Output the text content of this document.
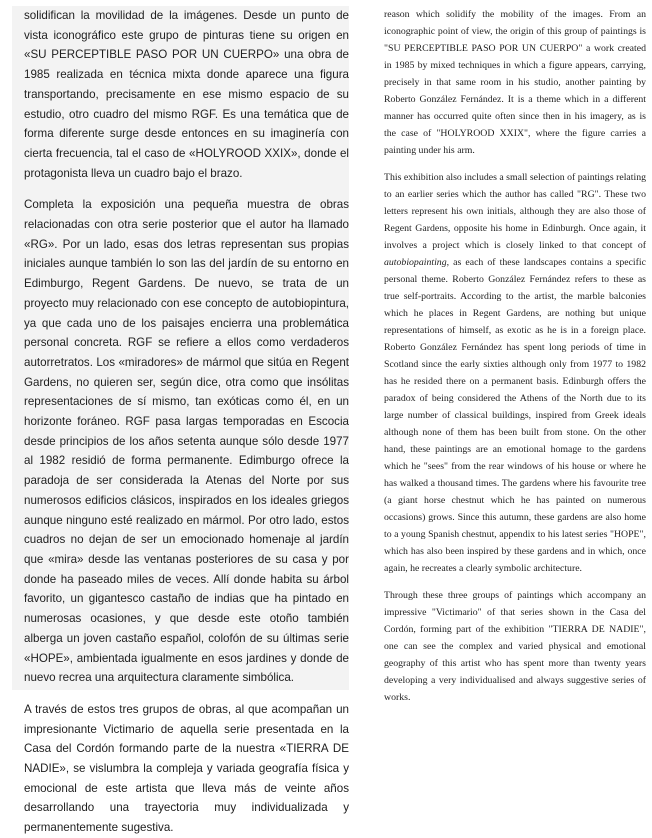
solidifican la movilidad de la imágenes. Desde un punto de vista iconográfico este grupo de pinturas tiene su origen en «SU PERCEPTIBLE PASO POR UN CUERPO» una obra de 1985 realizada en técnica mixta donde aparece una figura transportando, precisamente en ese mismo espacio de su estudio, otro cuadro del mismo RGF. Es una temática que de forma diferente surge desde entonces en su imaginería con cierta frecuencia, tal el caso de «HOLYROOD XXIX», donde el protagonista lleva un cuadro bajo el brazo.

Completa la exposición una pequeña muestra de obras relacionadas con otra serie posterior que el autor ha llamado «RG». Por un lado, esas dos letras representan sus propias iniciales aunque también lo son las del jardín de su entorno en Edimburgo, Regent Gardens. De nuevo, se trata de un proyecto muy relacionado con ese concepto de autobiopintura, ya que cada uno de los paisajes encierra una problemática personal concreta. RGF se refiere a ellos como verdaderos autorretratos. Los «miradores» de mármol que sitúa en Regent Gardens, no quieren ser, según dice, otra como que insólitas representaciones de sí mismo, tan exóticas como él, en un horizonte foráneo. RGF pasa largas temporadas en Escocia desde principios de los años setenta aunque sólo desde 1977 al 1982 residió de forma permanente. Edimburgo ofrece la paradoja de ser considerada la Atenas del Norte por sus numerosos edificios clásicos, inspirados en los ideales griegos aunque ninguno esté realizado en mármol. Por otro lado, estos cuadros no dejan de ser un emocionado homenaje al jardín que «mira» desde las ventanas posteriores de su casa y por donde ha paseado miles de veces. Allí donde habita su árbol favorito, un gigantesco castaño de indias que ha pintado en numerosas ocasiones, y que desde este otoño también alberga un joven castaño español, colofón de su últimas serie «HOPE», ambientada igualmente en esos jardines y donde de nuevo recrea una arquitectura claramente simbólica.

A través de estos tres grupos de obras, al que acompañan un impresionante Victimario de aquella serie presentada en la Casa del Cordón formando parte de la nuestra «TIERRA DE NADIE», se vislumbra la compleja y variada geografía física y emocional de este artista que lleva más de veinte años desarrollando una trayectoria muy individualizada y permanentemente sugestiva.

reason which solidify the mobility of the images. From an iconographic point of view, the origin of this group of paintings is "SU PERCEPTIBLE PASO POR UN CUERPO" a work created in 1985 by mixed techniques in which a figure appears, carrying, precisely in that same room in his studio, another painting by Roberto González Fernández. It is a theme which in a different manner has occurred quite often since then in his imagery, as is the case of "HOLYROOD XXIX", where the figure carries a painting under his arm.

This exhibition also includes a small selection of paintings relating to an earlier series which the author has called "RG". These two letters represent his own initials, although they are also those of Regent Gardens, opposite his home in Edinburgh. Once again, it involves a project which is closely linked to that concept of autobiopainting, as each of these landscapes contains a specific personal theme. Roberto González Fernández refers to these as true self-portraits. According to the artist, the marble balconies which he places in Regent Gardens, are nothing but unique representations of himself, as exotic as he is in a foreign place. Roberto González Fernández has spent long periods of time in Scotland since the early sixties although only from 1977 to 1982 has he resided there on a permanent basis. Edinburgh offers the paradox of being considered the Athens of the North due to its large number of classical buildings, inspired from Greek ideals although none of them has been built from stone. On the other hand, these paintings are an emotional homage to the gardens which he "sees" from the rear windows of his house or where he has walked a thousand times. The gardens where his favourite tree (a giant horse chestnut which he has painted on numerous occasions) grows. Since this autumn, these gardens are also home to a young Spanish chestnut, appendix to his latest series "HOPE", which has also been inspired by these gardens and in which, once again, he recreates a clearly symbolic architecture.

Through these three groups of paintings which accompany an impressive "Victimario" of that series shown in the Casa del Cordón, forming part of the exhibition "TIERRA DE NADIE", one can see the complex and varied physical and emotional geography of this artist who has spent more than twenty years developing a very individualised and always suggestive series of works.
